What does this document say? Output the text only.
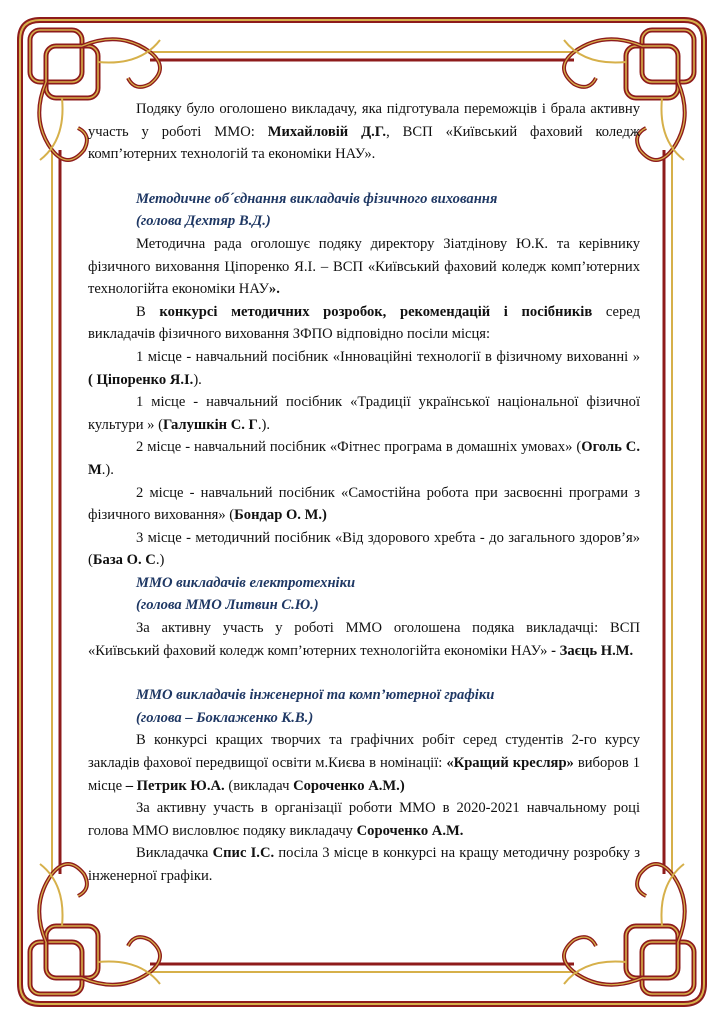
Подяку було оголошено викладачу, яка підготувала переможців і брала активну участь у роботі ММО: Михайловій Д.Г., ВСП «Київський фаховий коледж комп’ютерних технологій та економіки НАУ».

Методичне об´єднання викладачів фізичного виховання

(голова Дехтяр В.Д.)

Методична рада оголошує подяку директору Зіатдінову Ю.К. та керівнику фізичного виховання Ціпоренко Я.І. – ВСП «Київський фаховий коледж комп’ютерних технологійта економіки НАУ».

В конкурсі методичних розробок, рекомендацій і посібників серед викладачів фізичного виховання ЗФПО відповідно посіли місця:

1 місце - навчальний посібник «Інноваційні технології в фізичному вихованні » ( Ціпоренко Я.І.).

1 місце - навчальний посібник «Традиції української національної фізичної культури » (Галушкін С. Г.).

2 місце - навчальний посібник «Фітнес програма в домашніх умовах» (Оголь С. М.).

2 місце - навчальний посібник «Самостійна робота при засвоєнні програми з фізичного виховання» (Бондар О. М.)

3 місце - методичний посібник «Від здорового хребта - до загального здоров’я» (База О. С.)

ММО викладачів електротехніки

(голова ММО Литвин С.Ю.)

За активну участь у роботі ММО оголошена подяка викладачці: ВСП «Київський фаховий коледж комп’ютерних технологійта економіки НАУ» - Заєць Н.М.

ММО викладачів інженерної та комп’ютерної графіки

(голова – Боклаженко К.В.)

В конкурсі кращих творчих та графічних робіт серед студентів 2-го курсу закладів фахової передвищої освіти м.Києва в номінації: «Кращий кресляр» виборов 1 місце – Петрик Ю.А. (викладач Сороченко А.М.)

За активну участь в організації роботи ММО в 2020-2021 навчальному році голова ММО висловлює подяку викладачу Сороченко А.М.

Викладачка Спис І.С. посіла 3 місце в конкурсі на кращу методичну розробку з інженерної графіки.
